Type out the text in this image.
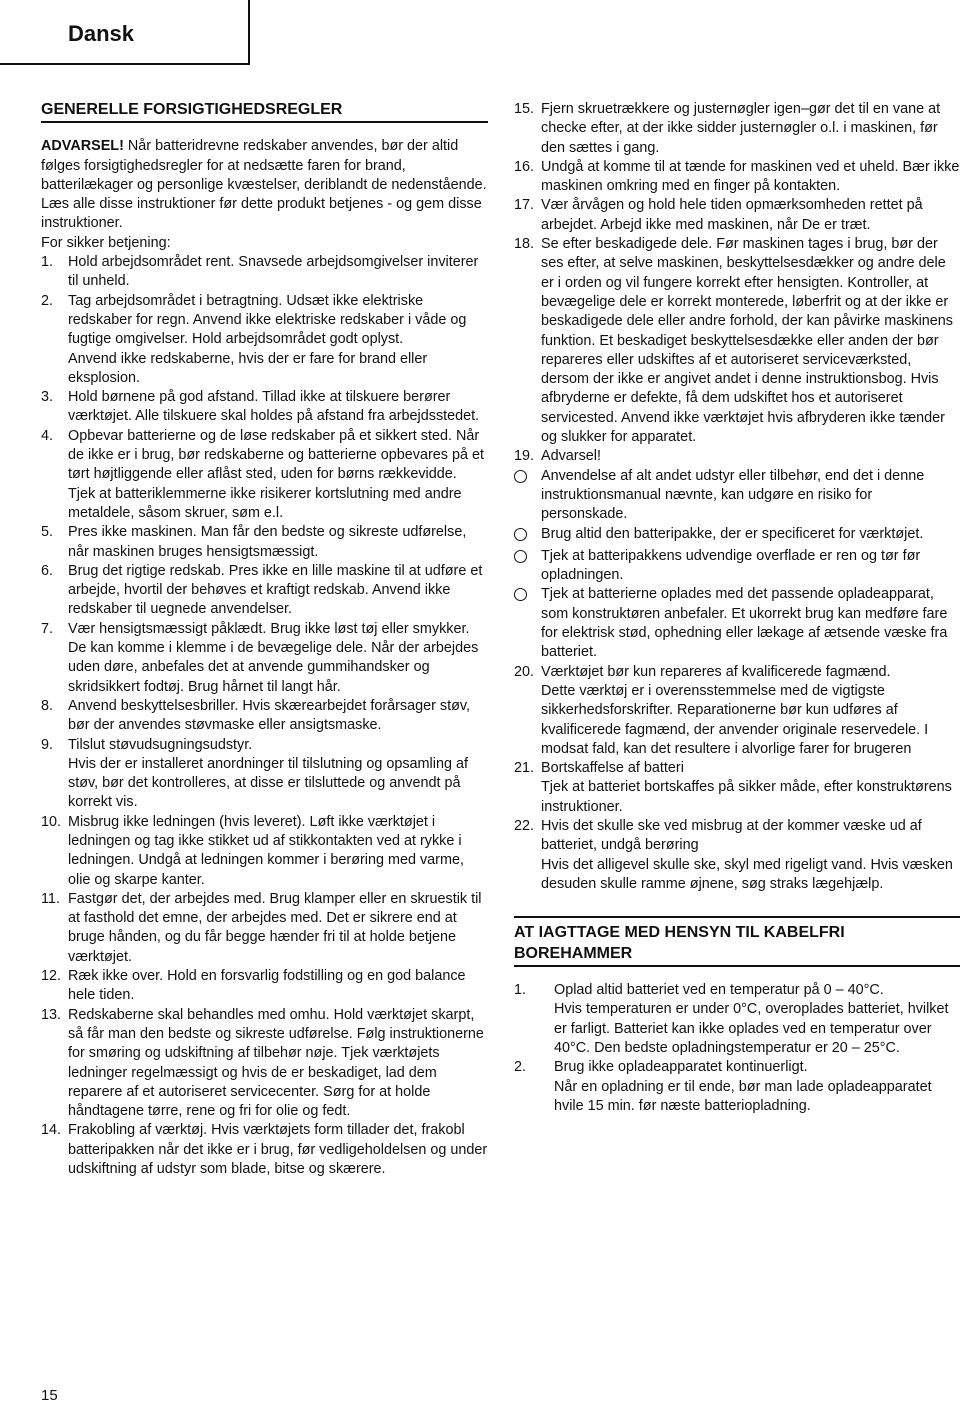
Dansk
GENERELLE FORSIGTIGHEDSREGLER

ADVARSEL! Når batteridrevne redskaber anvendes, bør der altid følges forsigtighedsregler for at nedsætte faren for brand, batterilækager og personlige kvæstelser, deriblandt de nedenstående.

Læs alle disse instruktioner før dette produkt betjenes - og gem disse instruktioner.

For sikker betjening:

1.	Hold arbejdsområdet rent. Snavsede arbejdsomgivelser inviterer til unheld.

2.	Tag arbejdsområdet i betragtning. Udsæt ikke elektriske redskaber for regn. Anvend ikke elektriske redskaber i våde og fugtige omgivelser. Hold arbejdsområdet godt oplyst.

Anvend ikke redskaberne, hvis der er fare for brand eller eksplosion.

3.	Hold børnene på god afstand. Tillad ikke at tilskuere berører værktøjet. Alle tilskuere skal holdes på afstand fra arbejdsstedet.

4.	Opbevar batterierne og de løse redskaber på et sikkert sted. Når de ikke er i brug, bør redskaberne og batterierne opbevares på et tørt højtliggende eller aflåst sted, uden for børns rækkevidde.

Tjek at batteriklemmerne ikke risikerer kortslutning med andre metaldele, såsom skruer, søm e.l.

5.	Pres ikke maskinen. Man får den bedste og sikreste udførelse, når maskinen bruges hensigtsmæssigt.

6.	Brug det rigtige redskab. Pres ikke en lille maskine til at udføre et arbejde, hvortil der behøves et kraftigt redskab. Anvend ikke redskaber til uegnede anvendelser.

7.	Vær hensigtsmæssigt påklædt. Brug ikke løst tøj eller smykker. De kan komme i klemme i de bevægelige dele. Når der arbejdes uden døre, anbefales det at anvende gummihandsker og skridsikkert fodtøj. Brug hårnet til langt hår.

8.	Anvend beskyttelsesbriller. Hvis skærearbejdet forårsager støv, bør der anvendes støvmaske eller ansigtsmaske.

9.	Tilslut støvudsugningsudstyr.

Hvis der er installeret anordninger til tilslutning og opsamling af støv, bør det kontrolleres, at disse er tilsluttede og anvendt på korrekt vis.

10. Misbrug ikke ledningen (hvis leveret). Løft ikke værktøjet i ledningen og tag ikke stikket ud af stikkontakten ved at rykke i ledningen. Undgå at ledningen kommer i berøring med varme, olie og skarpe kanter.

11. Fastgør det, der arbejdes med. Brug klamper eller en skruestik til at fasthold det emne, der arbejdes med. Det er sikrere end at bruge hånden, og du får begge hænder fri til at holde betjene værktøjet.

12. Ræk ikke over. Hold en forsvarlig fodstilling og en god balance hele tiden.

13. Redskaberne skal behandles med omhu. Hold værktøjet skarpt, så får man den bedste og sikreste udførelse. Følg instruktionerne for smøring og udskiftning af tilbehør nøje. Tjek værktøjets ledninger regelmæssigt og hvis de er beskadiget, lad dem reparere af et autoriseret servicecenter. Sørg for at holde håndtagene tørre, rene og fri for olie og fedt.

14. Frakobling af værktøj. Hvis værktøjets form tillader det, frakobl batteripakken når det ikke er i brug, før vedligeholdelsen og under udskiftning af udstyr som blade, bitse og skærere.

15. Fjern skruetrækkere og justernøgler igen–gør det til en vane at checke efter, at der ikke sidder justernøgler o.l. i maskinen, før den sættes i gang.

16. Undgå at komme til at tænde for maskinen ved et uheld. Bær ikke maskinen omkring med en finger på kontakten.

17. Vær årvågen og hold hele tiden opmærksomheden rettet på arbejdet. Arbejd ikke med maskinen, når De er træt.

18. Se efter beskadigede dele. Før maskinen tages i brug, bør der ses efter, at selve maskinen, beskyttelsesdækker og andre dele er i orden og vil fungere korrekt efter hensigten. Kontroller, at bevægelige dele er korrekt monterede, løberfrit og at der ikke er beskadigede dele eller andre forhold, der kan påvirke maskinens funktion. Et beskadiget beskyttelsesdække eller anden der bør repareres eller udskiftes af et autoriseret serviceværksted, dersom der ikke er angivet andet i denne instruktionsbog. Hvis afbryderne er defekte, få dem udskiftet hos et autoriseret servicested. Anvend ikke værktøjet hvis afbryderen ikke tænder og slukker for apparatet.

19. Advarsel!

Anvendelse af alt andet udstyr eller tilbehør, end det i denne instruktionsmanual nævnte, kan udgøre en risiko for personskade.
Brug altid den batteripakke, der er specificeret for værktøjet.
Tjek at batteripakkens udvendige overflade er ren og tør før opladningen.
Tjek at batterierne oplades med det passende opladeapparat, som konstruktøren anbefaler. Et ukorrekt brug kan medføre fare for elektrisk stød, ophedning eller lækage af ætsende væske fra batteriet.
20. Værktøjet bør kun repareres af kvalificerede fagmænd.

Dette værktøj er i overensstemmelse med de vigtigste sikkerhedsforskrifter. Reparationerne bør kun udføres af kvalificerede fagmænd, der anvender originale reservedele. I modsat fald, kan det resultere i alvorlige farer for brugeren

21. Bortskaffelse af batteri

Tjek at batteriet bortskaffes på sikker måde, efter konstruktørens instruktioner.

22. Hvis det skulle ske ved misbrug at der kommer væske ud af batteriet, undgå berøring

Hvis det alligevel skulle ske, skyl med rigeligt vand. Hvis væsken desuden skulle ramme øjnene, søg straks lægehjælp.

AT IAGTTAGE MED HENSYN TIL KABELFRI BOREHAMMER
1.	Oplad altid batteriet ved en temperatur på 0 – 40°C.

Hvis temperaturen er under 0°C, overoplades batteriet, hvilket er farligt. Batteriet kan ikke oplades ved en temperatur over 40°C. Den bedste opladningstemperatur er 20 – 25°C.

2.	Brug ikke opladeapparatet kontinuerligt.

Når en opladning er til ende, bør man lade opladeapparatet hvile 15 min. før næste batteriopladning.

15
